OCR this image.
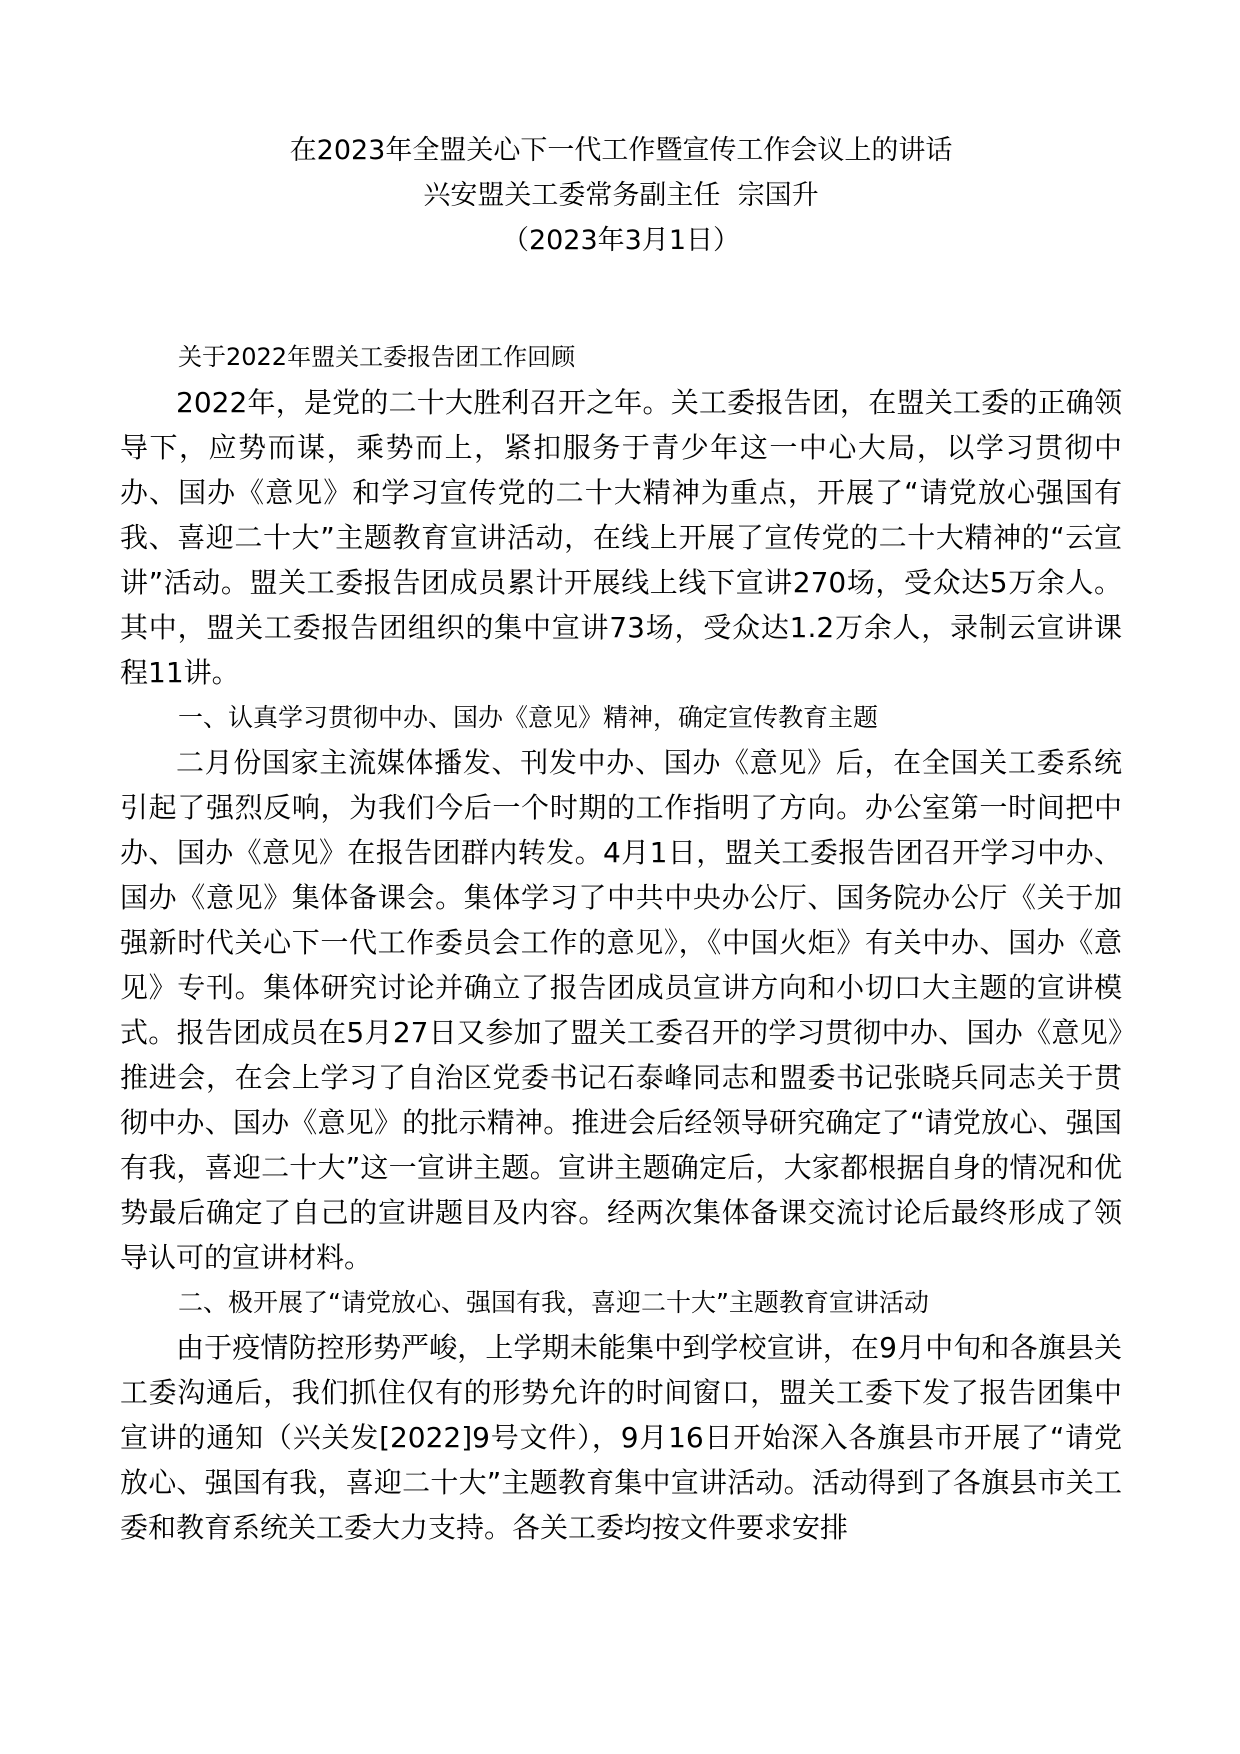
在2023年全盟关心下一代工作暨宣传工作会议上的讲话

兴安盟关工委常务副主任  宗国升

（2023年3月1日）

关于2022年盟关工委报告团工作回顾

2022年，是党的二十大胜利召开之年。关工委报告团，在盟关工委的正确领导下，应势而谋，乘势而上，紧扣服务于青少年这一中心大局，以学习贯彻中办、国办《意见》和学习宣传党的二十大精神为重点，开展了“请党放心强国有我、喜迎二十大”主题教育宣讲活动，在线上开展了宣传党的二十大精神的“云宣讲”活动。盟关工委报告团成员累计开展线上线下宣讲270场，受众达5万余人。其中，盟关工委报告团组织的集中宣讲73场，受众达1.2万余人，录制云宣讲课程11讲。

一、认真学习贯彻中办、国办《意见》精神，确定宣传教育主题

二月份国家主流媒体播发、刊发中办、国办《意见》后，在全国关工委系统引起了强烈反响，为我们今后一个时期的工作指明了方向。办公室第一时间把中办、国办《意见》在报告团群内转发。4月1日，盟关工委报告团召开学习中办、国办《意见》集体备课会。集体学习了中共中央办公厅、国务院办公厅《关于加强新时代关心下一代工作委员会工作的意见》，《中国火炬》有关中办、国办《意见》专刊。集体研究讨论并确立了报告团成员宣讲方向和小切口大主题的宣讲模式。报告团成员在5月27日又参加了盟关工委召开的学习贯彻中办、国办《意见》推进会，在会上学习了自治区党委书记石泰峰同志和盟委书记张晓兵同志关于贯彻中办、国办《意见》的批示精神。推进会后经领导研究确定了“请党放心、强国有我，喜迎二十大”这一宣讲主题。宣讲主题确定后，大家都根据自身的情况和优势最后确定了自己的宣讲题目及内容。经两次集体备课交流讨论后最终形成了领导认可的宣讲材料。

二、极开展了“请党放心、强国有我，喜迎二十大”主题教育宣讲活动

由于疫情防控形势严峻，上学期未能集中到学校宣讲，在9月中旬和各旗县关工委沟通后，我们抓住仅有的形势允许的时间窗口，盟关工委下发了报告团集中宣讲的通知（兴关发[2022]9号文件），9月16日开始深入各旗县市开展了“请党放心、强国有我，喜迎二十大”主题教育集中宣讲活动。活动得到了各旗县市关工委和教育系统关工委大力支持。各关工委均按文件要求安排
